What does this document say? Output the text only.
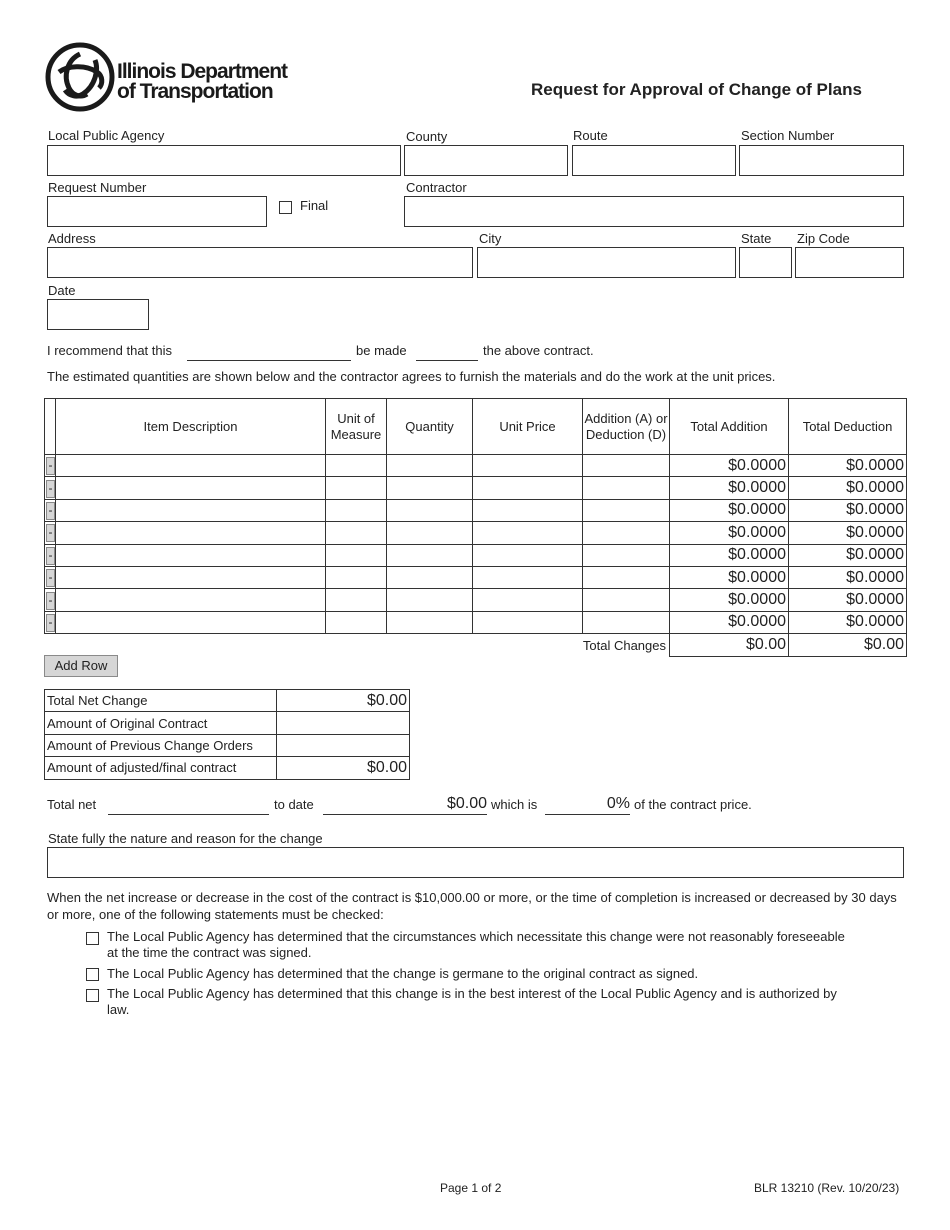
Illinois Department
of Transportation	Request for Approval of Change of Plans
Local Public Agency	County	Route	Section Number
Request Number
Final
Contractor
Address	City	State Zip Code
Date
I recommend that this	be made	the above contract.
The estimated quantities are shown below and the contractor agrees to furnish the materials and do the work at the unit prices.
	Item Description	Unit of Measure	Quantity	Unit Price	Addition (A) or Deduction (D)	Total Addition	Total Deduction

-						$0.0000	$0.0000

-						$0.0000	$0.0000

-						$0.0000	$0.0000

-						$0.0000	$0.0000

-						$0.0000	$0.0000

-						$0.0000	$0.0000

-						$0.0000	$0.0000

-						$0.0000	$0.0000
				Total Changes		$0.00	$0.00
Add Row
Total Net Change	$0.00
Amount of Original Contract	
Amount of Previous Change Orders	
Amount of adjusted/final contract	$0.00
Total net	to date	$0.00 which is	0% of the contract price.
State fully the nature and reason for the change
When the net increase or decrease in the cost of the contract is $10,000.00 or more, or the time of completion is increased or decreased by 30 days or more, one of the following statements must be checked:
The Local Public Agency has determined that the circumstances which necessitate this change were not reasonably foreseeable at the time the contract was signed.
The Local Public Agency has determined that the change is germane to the original contract as signed.
The Local Public Agency has determined that this change is in the best interest of the Local Public Agency and is authorized by law.
Page 1 of 2	BLR 13210 (Rev. 10/20/23)
